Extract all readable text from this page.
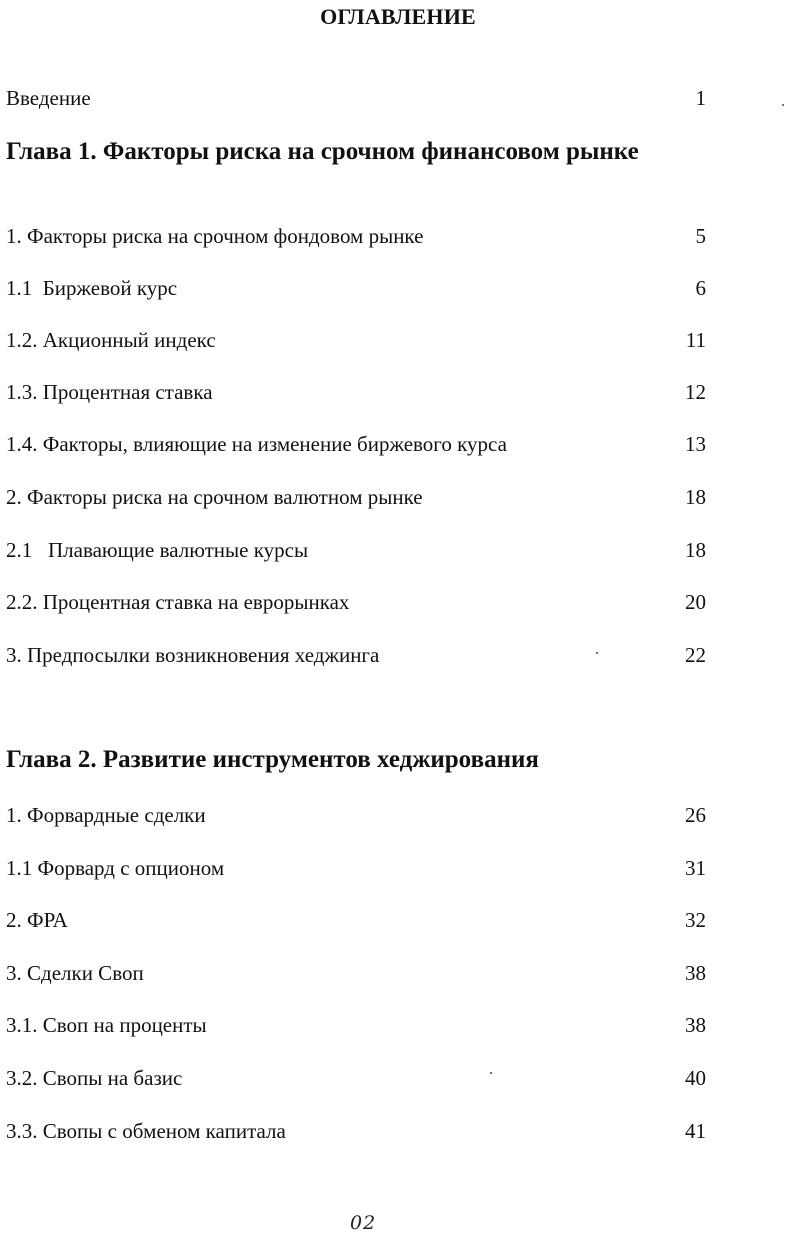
ОГЛАВЛЕНИЕ
Введение	1
Глава 1. Факторы риска на срочном финансовом рынке
1. Факторы риска на срочном фондовом рынке	5
1.1  Биржевой курс	6
1.2. Акционный индекс	11
1.3. Процентная ставка	12
1.4. Факторы, влияющие на изменение биржевого курса	13
2. Факторы риска на срочном валютном рынке	18
2.1   Плавающие валютные курсы	18
2.2. Процентная ставка на еврорынках	20
3. Предпосылки возникновения хеджинга	22
Глава 2. Развитие инструментов хеджирования
1. Форвардные сделки	26
1.1 Форвард с опционом	31
2. ФРА	32
3. Сделки Своп	38
3.1. Своп на проценты	38
3.2. Свопы на базис	40
3.3. Свопы с обменом капитала	41
02
